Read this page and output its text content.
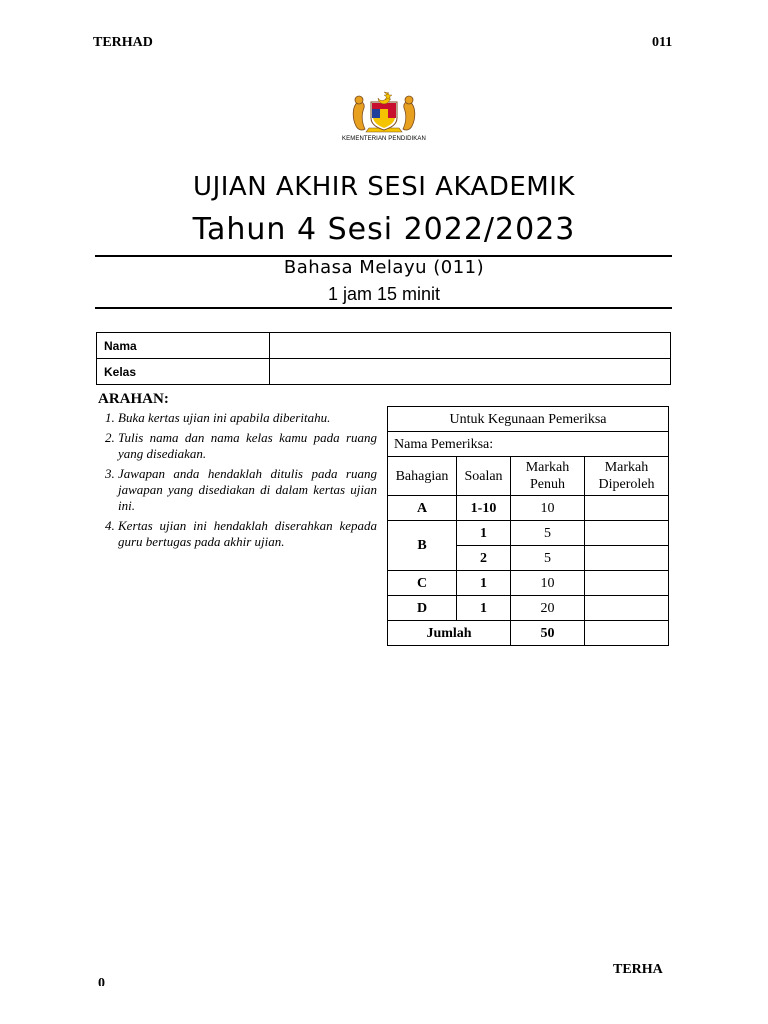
TERHAD	011
KEMENTERIAN PENDIDIKAN
UJIAN AKHIR SESI AKADEMIK
Tahun 4 Sesi 2022/2023
Bahasa Melayu (011)
1 jam 15 minit
Nama	
Kelas	
ARAHAN:
1. Buka kertas ujian ini apabila diberitahu.
2. Tulis nama dan nama kelas kamu pada ruang yang disediakan.
3. Jawapan anda hendaklah ditulis pada ruang jawapan yang disediakan di dalam kertas ujian ini.
4. Kertas ujian ini hendaklah diserahkan kepada guru bertugas pada akhir ujian.
Untuk Kegunaan Pemeriksa			
Nama Pemeriksa:			
Bahagian	Soalan	Markah Penuh	Markah Diperoleh
A	1-10	10	
B	1	5	
	2	5	
C	1	10	
D	1	20	
Jumlah		50	
0
TERHA
